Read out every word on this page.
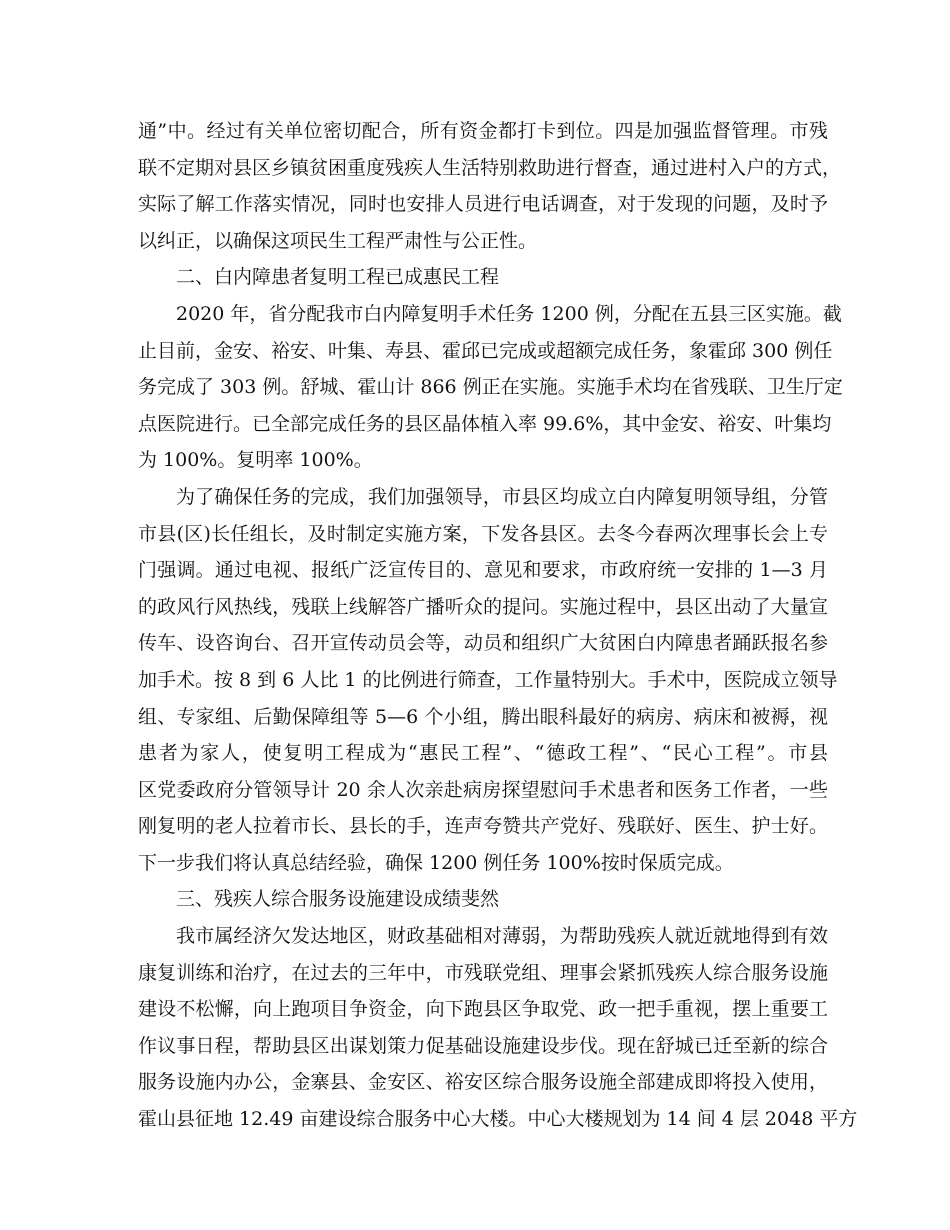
通”中。经过有关单位密切配合，所有资金都打卡到位。四是加强监督管理。市残
联不定期对县区乡镇贫困重度残疾人生活特别救助进行督查，通过进村入户的方式，
实际了解工作落实情况，同时也安排人员进行电话调查，对于发现的问题，及时予
以纠正，以确保这项民生工程严肃性与公正性。
二、白内障患者复明工程已成惠民工程
2020 年，省分配我市白内障复明手术任务 1200 例，分配在五县三区实施。截
止目前，金安、裕安、叶集、寿县、霍邱已完成或超额完成任务，象霍邱 300 例任
务完成了 303 例。舒城、霍山计 866 例正在实施。实施手术均在省残联、卫生厅定
点医院进行。已全部完成任务的县区晶体植入率 99.6%，其中金安、裕安、叶集均
为 100%。复明率 100%。
为了确保任务的完成，我们加强领导，市县区均成立白内障复明领导组，分管
市县(区)长任组长，及时制定实施方案，下发各县区。去冬今春两次理事长会上专
门强调。通过电视、报纸广泛宣传目的、意见和要求，市政府统一安排的 1—3 月
的政风行风热线，残联上线解答广播听众的提问。实施过程中，县区出动了大量宣
传车、设咨询台、召开宣传动员会等，动员和组织广大贫困白内障患者踊跃报名参
加手术。按 8 到 6 人比 1 的比例进行筛查，工作量特别大。手术中，医院成立领导
组、专家组、后勤保障组等 5—6 个小组，腾出眼科最好的病房、病床和被褥，视
患者为家人，使复明工程成为“惠民工程”、“德政工程”、“民心工程”。市县
区党委政府分管领导计 20 余人次亲赴病房探望慰问手术患者和医务工作者，一些
刚复明的老人拉着市长、县长的手，连声夸赞共产党好、残联好、医生、护士好。
下一步我们将认真总结经验，确保 1200 例任务 100%按时保质完成。
三、残疾人综合服务设施建设成绩斐然
我市属经济欠发达地区，财政基础相对薄弱，为帮助残疾人就近就地得到有效
康复训练和治疗，在过去的三年中，市残联党组、理事会紧抓残疾人综合服务设施
建设不松懈，向上跑项目争资金，向下跑县区争取党、政一把手重视，摆上重要工
作议事日程，帮助县区出谋划策力促基础设施建设步伐。现在舒城已迁至新的综合
服务设施内办公，金寨县、金安区、裕安区综合服务设施全部建成即将投入使用，
霍山县征地 12.49 亩建设综合服务中心大楼。中心大楼规划为 14 间 4 层 2048 平方
